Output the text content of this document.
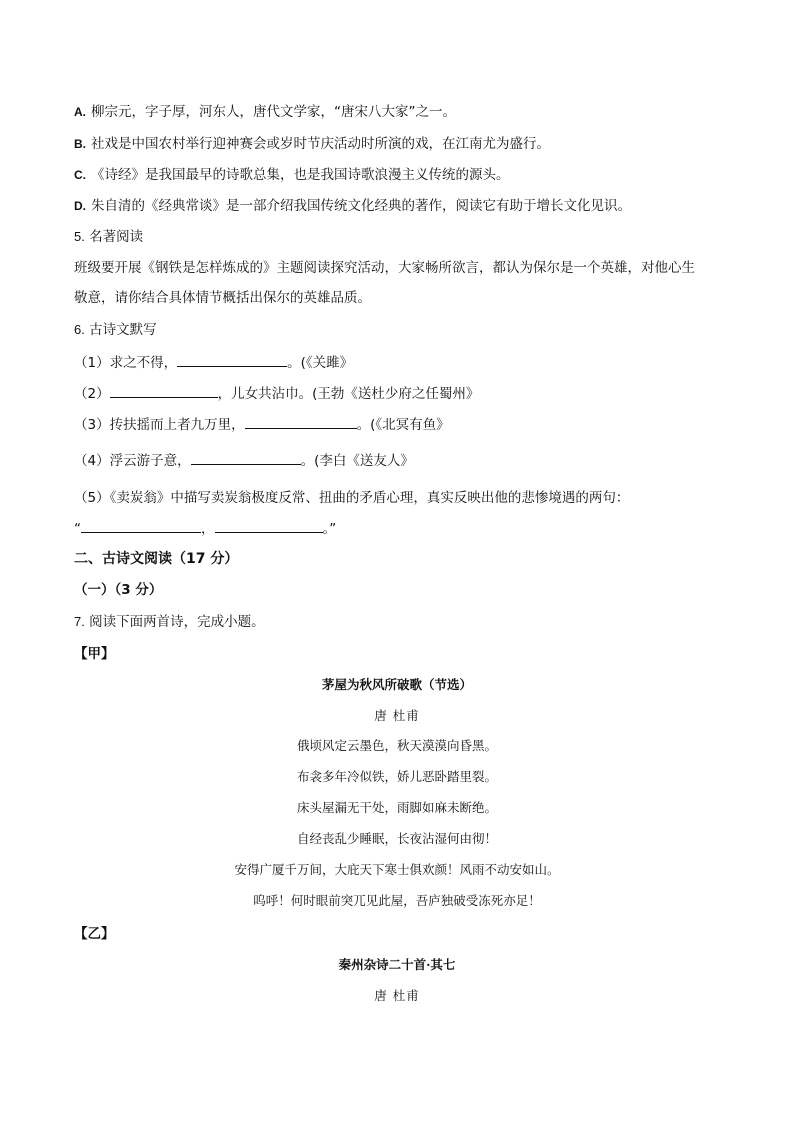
A. 柳宗元，字子厚，河东人，唐代文学家，“唐宋八大家”之一。
B. 社戏是中国农村举行迎神赛会或岁时节庆活动时所演的戏，在江南尤为盛行。
C. 《诗经》是我国最早的诗歌总集，也是我国诗歌浪漫主义传统的源头。
D. 朱自清的《经典常谈》是一部介绍我国传统文化经典的著作，阅读它有助于增长文化见识。
5. 名著阅读
班级要开展《钢铁是怎样炼成的》主题阅读探究活动，大家畅所欲言，都认为保尔是一个英雄，对他心生
敬意，请你结合具体情节概括出保尔的英雄品质。
6. 古诗文默写
（1）求之不得，	。(《关雎》
（2）	，儿女共沾巾。(王勃《送杜少府之任蜀州》
（3）抟扶摇而上者九万里，	。(《北冥有鱼》
（4）浮云游子意，	。(李白《送友人》
（5）《卖炭翁》中描写卖炭翁极度反常、扭曲的矛盾心理，真实反映出他的悲惨境遇的两句：
“	，	。”
二、古诗文阅读（17 分）
（一）（3 分）
7. 阅读下面两首诗，完成小题。
【甲】
茅屋为秋风所破歌（节选）
唐 杜甫
俄顷风定云墨色，秋天漠漠向昏黑。
布衾多年冷似铁，娇儿恶卧踏里裂。
床头屋漏无干处，雨脚如麻未断绝。
自经丧乱少睡眠，长夜沾湿何由彻！
安得广厦千万间，大庇天下寒士俱欢颜！风雨不动安如山。
呜呼！何时眼前突兀见此屋，吾庐独破受冻死亦足！
【乙】
秦州杂诗二十首·其七
唐 杜甫
